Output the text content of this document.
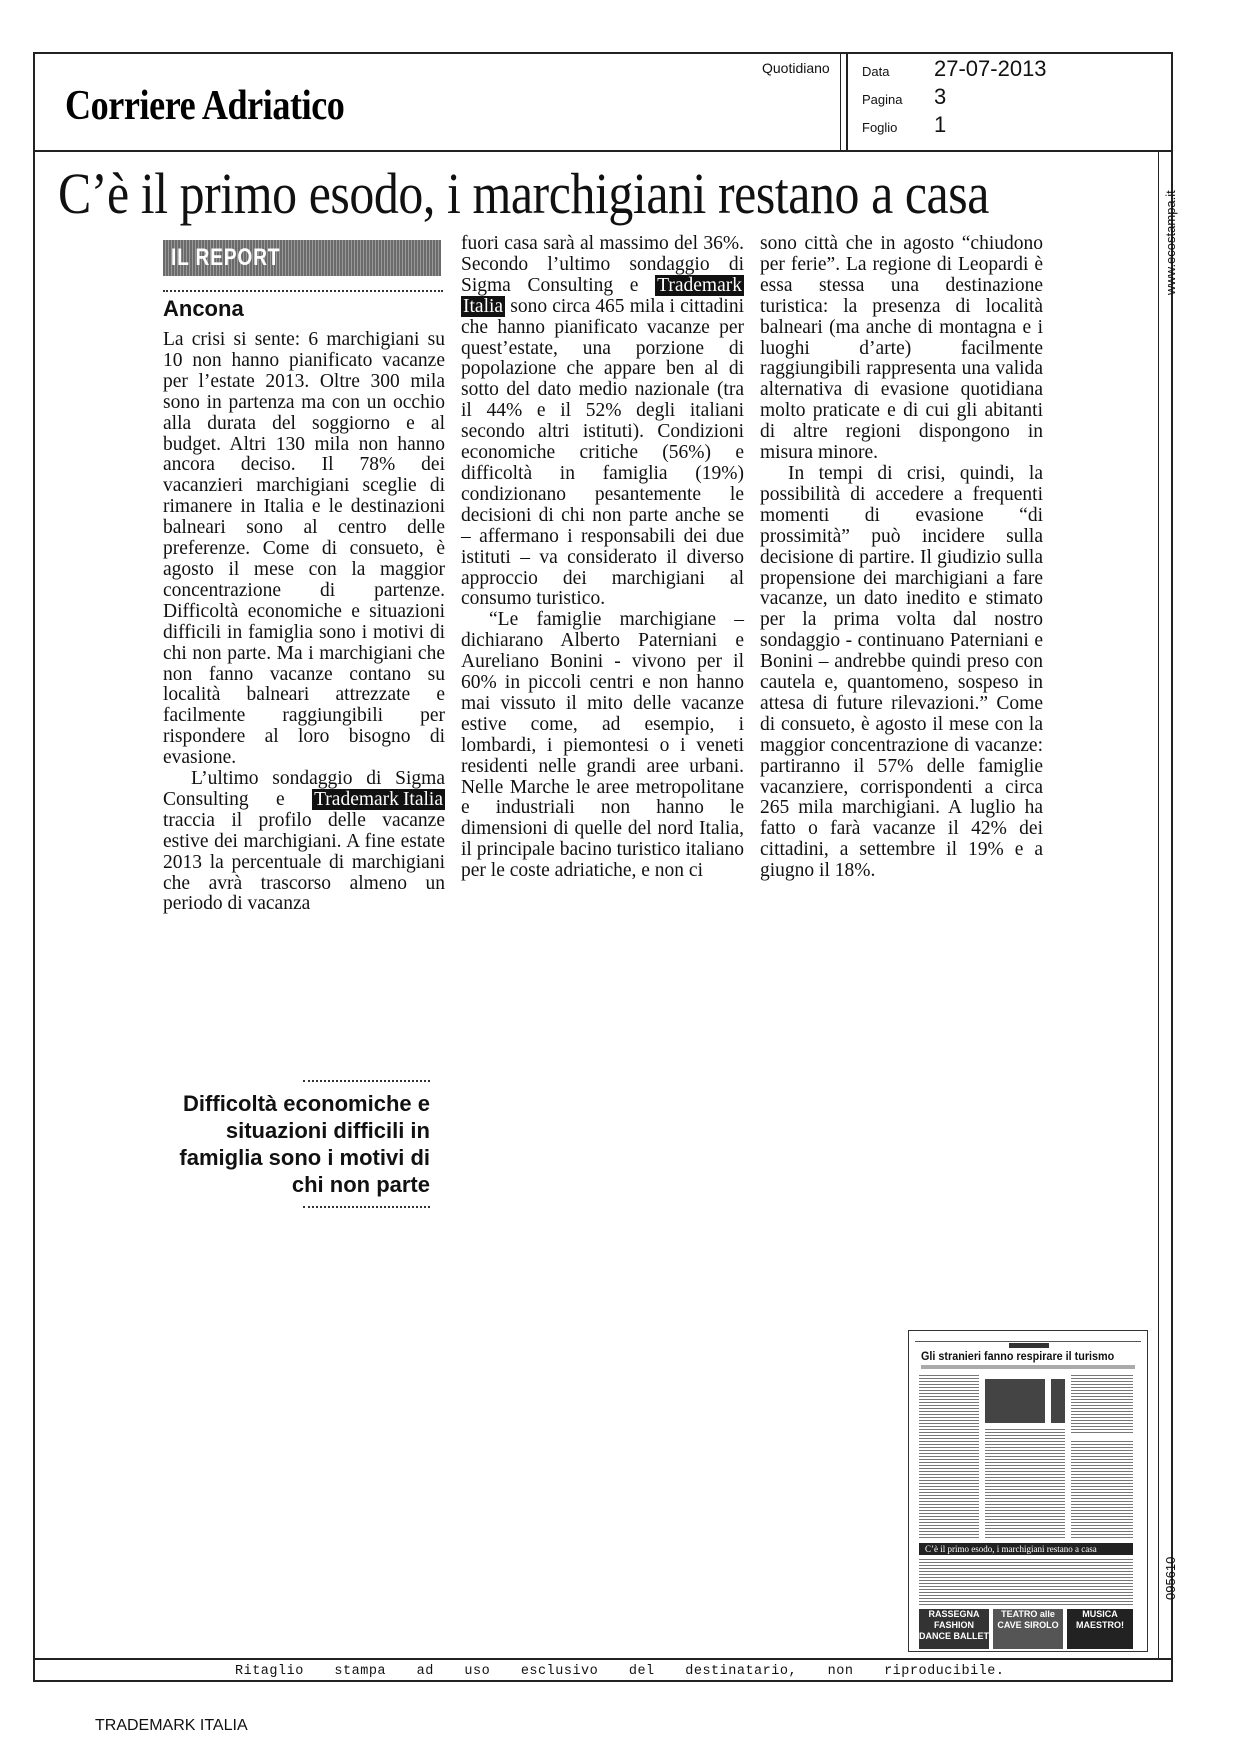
Corriere Adriatico
Quotidiano Data 27-07-2013
Pagina 3
Foglio 1
www.ecostampa.it
095610
C’è il primo esodo, i marchigiani restano a casa
IL REPORT
Ancona

La crisi si sente: 6 marchigiani su 10 non hanno pianificato vacanze per l’estate 2013. Oltre 300 mila sono in partenza ma con un occhio alla durata del soggiorno e al budget. Altri 130 mila non hanno ancora deciso. Il 78% dei vacanzieri marchigiani sceglie di rimanere in Italia e le destinazioni balneari sono al centro delle preferenze. Come di consueto, è agosto il mese con la maggior concentrazione di partenze. Difficoltà economiche e situazioni difficili in famiglia sono i motivi di chi non parte. Ma i marchigiani che non fanno vacanze contano su località balneari attrezzate e facilmente raggiungibili per rispondere al loro bisogno di evasione.

L’ultimo sondaggio di Sigma Consulting e Trademark Italia traccia il profilo delle vacanze estive dei marchigiani. A fine estate 2013 la percentuale di marchigiani che avrà trascorso almeno un periodo di vacanza

fuori casa sarà al massimo del 36%. Secondo l’ultimo sondaggio di Sigma Consulting e Trademark Italia sono circa 465 mila i cittadini che hanno pianificato vacanze per quest’estate, una porzione di popolazione che appare ben al di sotto del dato medio nazionale (tra il 44% e il 52% degli italiani secondo altri istituti). Condizioni economiche critiche (56%) e difficoltà in famiglia (19%) condizionano pesantemente le decisioni di chi non parte anche se – affermano i responsabili dei due istituti – va considerato il diverso approccio dei marchigiani al consumo turistico.

“Le famiglie marchigiane – dichiarano Alberto Paterniani e Aureliano Bonini - vivono per il 60% in piccoli centri e non hanno mai vissuto il mito delle vacanze estive come, ad esempio, i lombardi, i piemontesi o i veneti residenti nelle grandi aree urbani. Nelle Marche le aree metropolitane e industriali non hanno le dimensioni di quelle del nord Italia, il principale bacino turistico italiano per le coste adriatiche, e non ci

sono città che in agosto “chiudono per ferie”. La regione di Leopardi è essa stessa una destinazione turistica: la presenza di località balneari (ma anche di montagna e i luoghi d’arte) facilmente raggiungibili rappresenta una valida alternativa di evasione quotidiana molto praticate e di cui gli abitanti di altre regioni dispongono in misura minore.

In tempi di crisi, quindi, la possibilità di accedere a frequenti momenti di evasione “di prossimità” può incidere sulla decisione di partire. Il giudizio sulla propensione dei marchigiani a fare vacanze, un dato inedito e stimato per la prima volta dal nostro sondaggio - continuano Paterniani e Bonini – andrebbe quindi preso con cautela e, quantomeno, sospeso in attesa di future rilevazioni.” Come di consueto, è agosto il mese con la maggior concentrazione di vacanze: partiranno il 57% delle famiglie vacanziere, corrispondenti a circa 265 mila marchigiani. A luglio ha fatto o farà vacanze il 42% dei cittadini, a settembre il 19% e a giugno il 18%.

Difficoltà economiche e situazioni difficili in famiglia sono i motivi di chi non parte
Gli stranieri fanno respirare il turismo
C’è il primo esodo, i marchigiani restano a casa
RASSEGNA FASHION DANCE BALLET
TEATRO alle CAVE SIROLO
MUSICA MAESTRO!
Ritaglio stampa ad uso esclusivo del destinatario, non riproducibile.
TRADEMARK ITALIA
